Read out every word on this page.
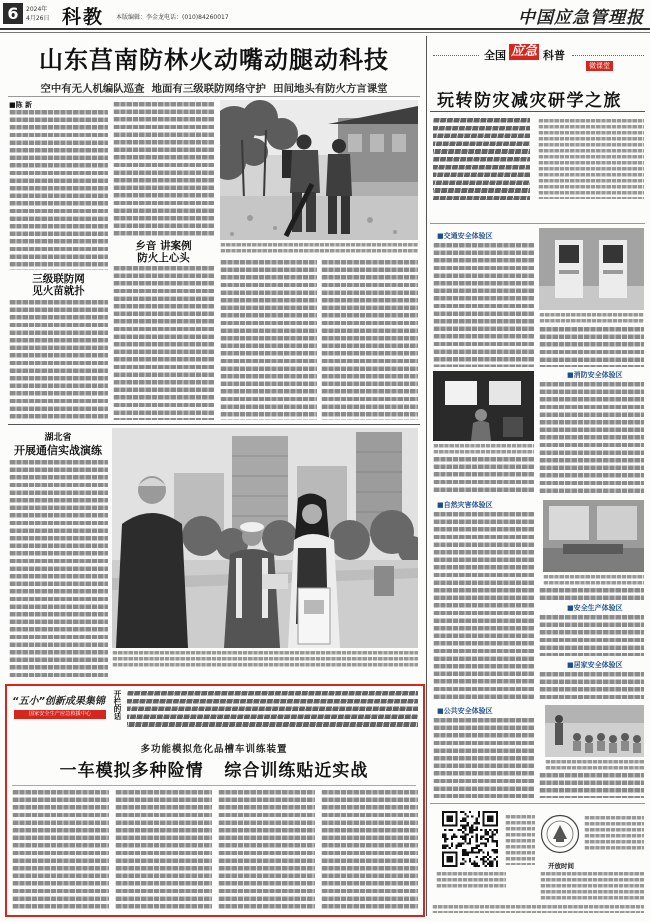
6	2024年
4月26日 科教 本版编辑：李金龙 电话：(010)84260017	中国应急管理报
山东莒南防林火动嘴动腿动科技
空中有无人机编队巡查  地面有三级联防网络守护  田间地头有防火方言课堂
■陈 新
三级联防网
见火苗就扑
乡音 讲案例
防火上心头
湖北省
开展通信实战演练
“五小”创新成果集锦
国家安全生产应急救援中心	开栏的话
多功能模拟危化品槽车训练装置
一车模拟多种险情   综合训练贴近实战
全国 应急 科普
微课堂
玩转防灾减灾研学之旅
■交通安全体验区
■消防安全体验区
■自然灾害体验区
■安全生产体验区
■居家安全体验区
■公共安全体验区
开放时间
